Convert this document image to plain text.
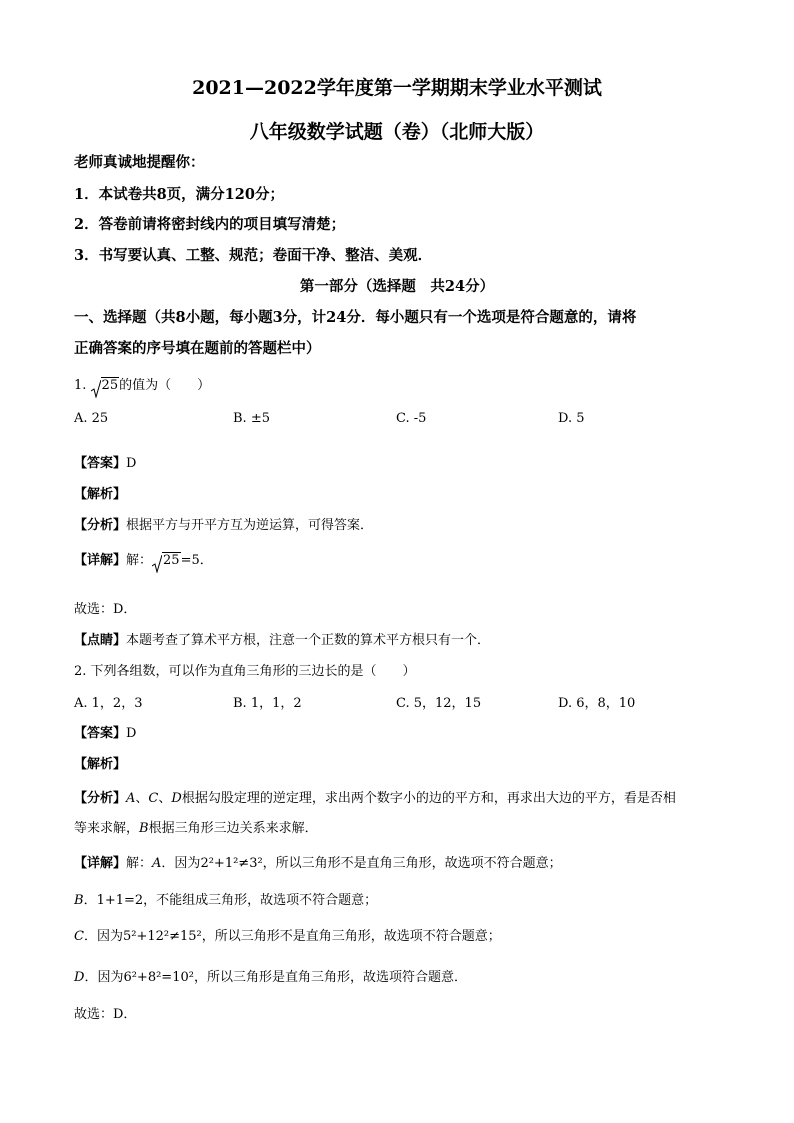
2021—2022学年度第一学期期末学业水平测试
八年级数学试题（卷）（北师大版）
老师真诚地提醒你：
1．本试卷共8页，满分120分；
2．答卷前请将密封线内的项目填写清楚；
3．书写要认真、工整、规范；卷面干净、整洁、美观．
第一部分（选择题　共24分）
一、选择题（共8小题，每小题3分，计24分．每小题只有一个选项是符合题意的，请将
正确答案的序号填在题前的答题栏中）
1. 25的值为（　　）
A. 25	B. ±5	C. -5	D. 5
【答案】D
【解析】
【分析】根据平方与开平方互为逆运算，可得答案．
【详解】解： 25=5．
故选：D．
【点睛】本题考查了算术平方根，注意一个正数的算术平方根只有一个．
2. 下列各组数，可以作为直角三角形的三边长的是（　　）
A. 1，2，3	B. 1，1，2	C. 5，12，15	D. 6，8，10
【答案】D
【解析】
【分析】A、C、D根据勾股定理的逆定理，求出两个数字小的边的平方和，再求出大边的平方，看是否相
等来求解，B根据三角形三边关系来求解．
【详解】解：A．因为2²+1²≠3²，所以三角形不是直角三角形，故选项不符合题意；
B．1+1=2，不能组成三角形，故选项不符合题意；
C．因为5²+12²≠15²，所以三角形不是直角三角形，故选项不符合题意；
D．因为6²+8²=10²，所以三角形是直角三角形，故选项符合题意．
故选：D．
